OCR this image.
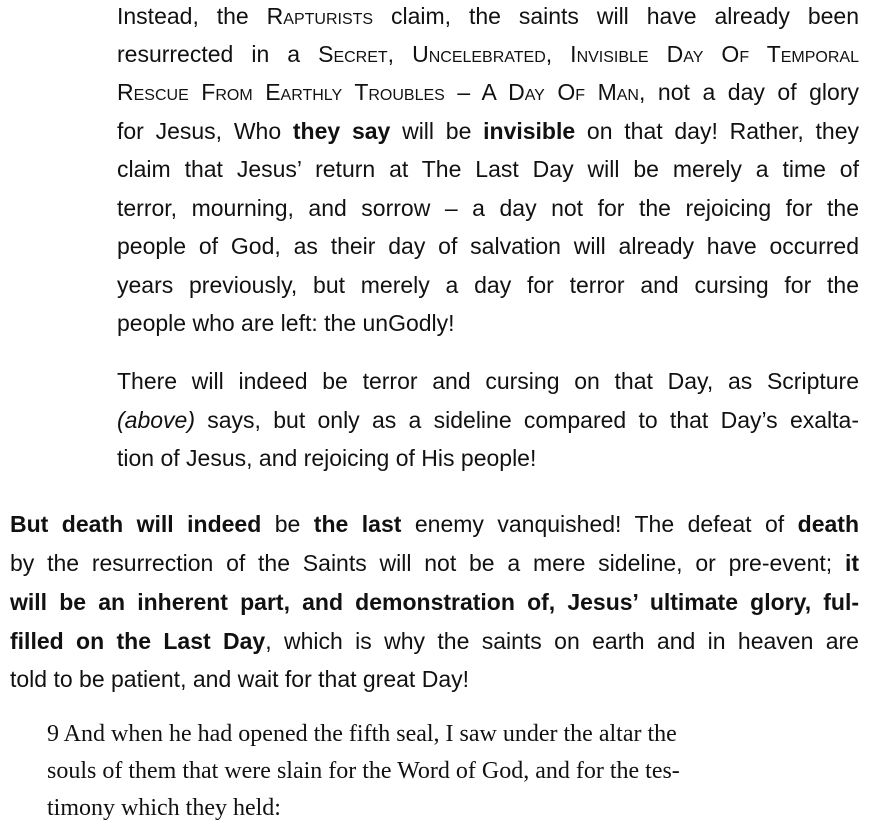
Instead, the Rapturists claim, the saints will have already been
resurrected in a Secret, Uncelebrated, Invisible Day Of Temporal
Rescue From Earthly Troubles – A Day Of Man, not a day of glory
for Jesus, Who they say will be invisible on that day! Rather, they
claim that Jesus’ return at The Last Day will be merely a time of
terror, mourning, and sorrow – a day not for the rejoicing for the
people of God, as their day of salvation will already have occurred
years previously, but merely a day for terror and cursing for the
people who are left: the unGodly!
There will indeed be terror and cursing on that Day, as Scripture
(above) says, but only as a sideline compared to that Day’s exalta-
tion of Jesus, and rejoicing of His people!
But death will indeed be the last enemy vanquished! The defeat of death
by the resurrection of the Saints will not be a mere sideline, or pre-event; it
will be an inherent part, and demonstration of, Jesus’ ultimate glory, ful-
filled on the Last Day, which is why the saints on earth and in heaven are
told to be patient, and wait for that great Day!
9 And when he had opened the fifth seal, I saw under the altar the
souls of them that were slain for the Word of God, and for the tes-
timony which they held:
